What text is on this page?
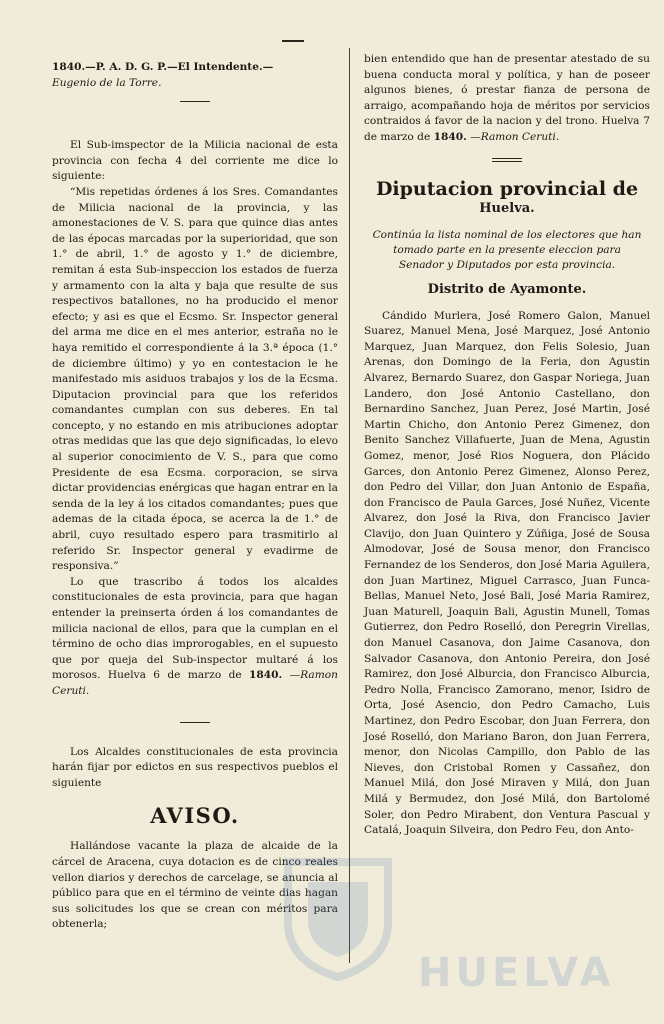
1840.—P. A. D. G. P.—El Intendente.—

Eugenio de la Torre.

El Sub-imspector de la Milicia nacional de esta provincia con fecha 4 del corriente me dice lo siguiente:

“Mis repetidas órdenes á los Sres. Comandantes de Milicia nacional de la provincia, y las amonestaciones de V. S. para que quince dias antes de las épocas marcadas por la superioridad, que son 1.° de abril, 1.° de agosto y 1.° de diciembre, remitan á esta Sub-inspeccion los estados de fuerza y armamento con la alta y baja que resulte de sus respectivos batallones, no ha producido el menor efecto; y asi es que el Ecsmo. Sr. Inspector general del arma me dice en el mes anterior, estraña no le haya remitido el correspondiente á la 3.ª época (1.° de diciembre último) y yo en contestacion le he manifestado mis asiduos trabajos y los de la Ecsma. Diputacion provincial para que los referidos comandantes cumplan con sus deberes. En tal concepto, y no estando en mis atribuciones adoptar otras medidas que las que dejo significadas, lo elevo al superior conocimiento de V. S., para que como Presidente de esa Ecsma. corporacion, se sirva dictar providencias enérgicas que hagan entrar en la senda de la ley á los citados comandantes; pues que ademas de la citada época, se acerca la de 1.° de abril, cuyo resultado espero para trasmitirlo al referido Sr. Inspector general y evadirme de responsiva.”

Lo que trascribo á todos los alcaldes constitucionales de esta provincia, para que hagan entender la preinserta órden á los comandantes de milicia nacional de ellos, para que la cumplan en el término de ocho dias improrogables, en el supuesto que por queja del Sub-inspector multaré á los morosos. Huelva 6 de marzo de 1840. —Ramon Ceruti.

Los Alcaldes constitucionales de esta provincia harán fijar por edictos en sus respectivos pueblos el siguiente

AVISO.

Hallándose vacante la plaza de alcaide de la cárcel de Aracena, cuya dotacion es de cinco reales vellon diarios y derechos de carcelage, se anuncia al público para que en el término de veinte dias hagan sus solicitudes los que se crean con méritos para obtenerla;

bien entendido que han de presentar atestado de su buena conducta moral y política, y han de poseer algunos bienes, ó prestar fianza de persona de arraigo, acompañando hoja de méritos por servicios contraidos á favor de la nacion y del trono. Huelva 7 de marzo de 1840. —Ramon Ceruti.

Diputacion provincial de
Huelva.

Continúa la lista nominal de los electores que han tomado parte en la presente eleccion para Senador y Diputados por esta provincia.

Distrito de Ayamonte.

Cándido Murlera, José Romero Galon, Manuel Suarez, Manuel Mena, José Marquez, José Antonio Marquez, Juan Marquez, don Felis Solesio, Juan Arenas, don Domingo de la Feria, don Agustin Alvarez, Bernardo Suarez, don Gaspar Noriega, Juan Landero, don José Antonio Castellano, don Bernardino Sanchez, Juan Perez, José Martin, José Martin Chicho, don Antonio Perez Gimenez, don Benito Sanchez Villafuerte, Juan de Mena, Agustin Gomez, menor, José Rios Noguera, don Plácido Garces, don Antonio Perez Gimenez, Alonso Perez, don Pedro del Villar, don Juan Antonio de España, don Francisco de Paula Garces, José Nuñez, Vicente Alvarez, don José la Riva, don Francisco Javier Clavijo, don Juan Quintero y Zúñiga, José de Sousa Almodovar, José de Sousa menor, don Francisco Fernandez de los Senderos, don José Maria Aguilera, don Juan Martinez, Miguel Carrasco, Juan Funca-Bellas, Manuel Neto, José Bali, José Maria Ramirez, Juan Maturell, Joaquin Bali, Agustin Munell, Tomas Gutierrez, don Pedro Roselló, don Peregrin Virellas, don Manuel Casanova, don Jaime Casanova, don Salvador Casanova, don Antonio Pereira, don José Ramirez, don José Alburcia, don Francisco Alburcia, Pedro Nolla, Francisco Zamorano, menor, Isidro de Orta, José Asencio, don Pedro Camacho, Luis Martinez, don Pedro Escobar, don Juan Ferrera, don José Roselló, don Mariano Baron, don Juan Ferrera, menor, don Nicolas Campillo, don Pablo de las Nieves, don Cristobal Romen y Cassañez, don Manuel Milá, don José Miraven y Milá, don Juan Milá y Bermudez, don José Milá, don Bartolomé Soler, don Pedro Mirabent, don Ventura Pascual y Catalá, Joaquin Silveira, don Pedro Feu, don Anto-

HUELVA
